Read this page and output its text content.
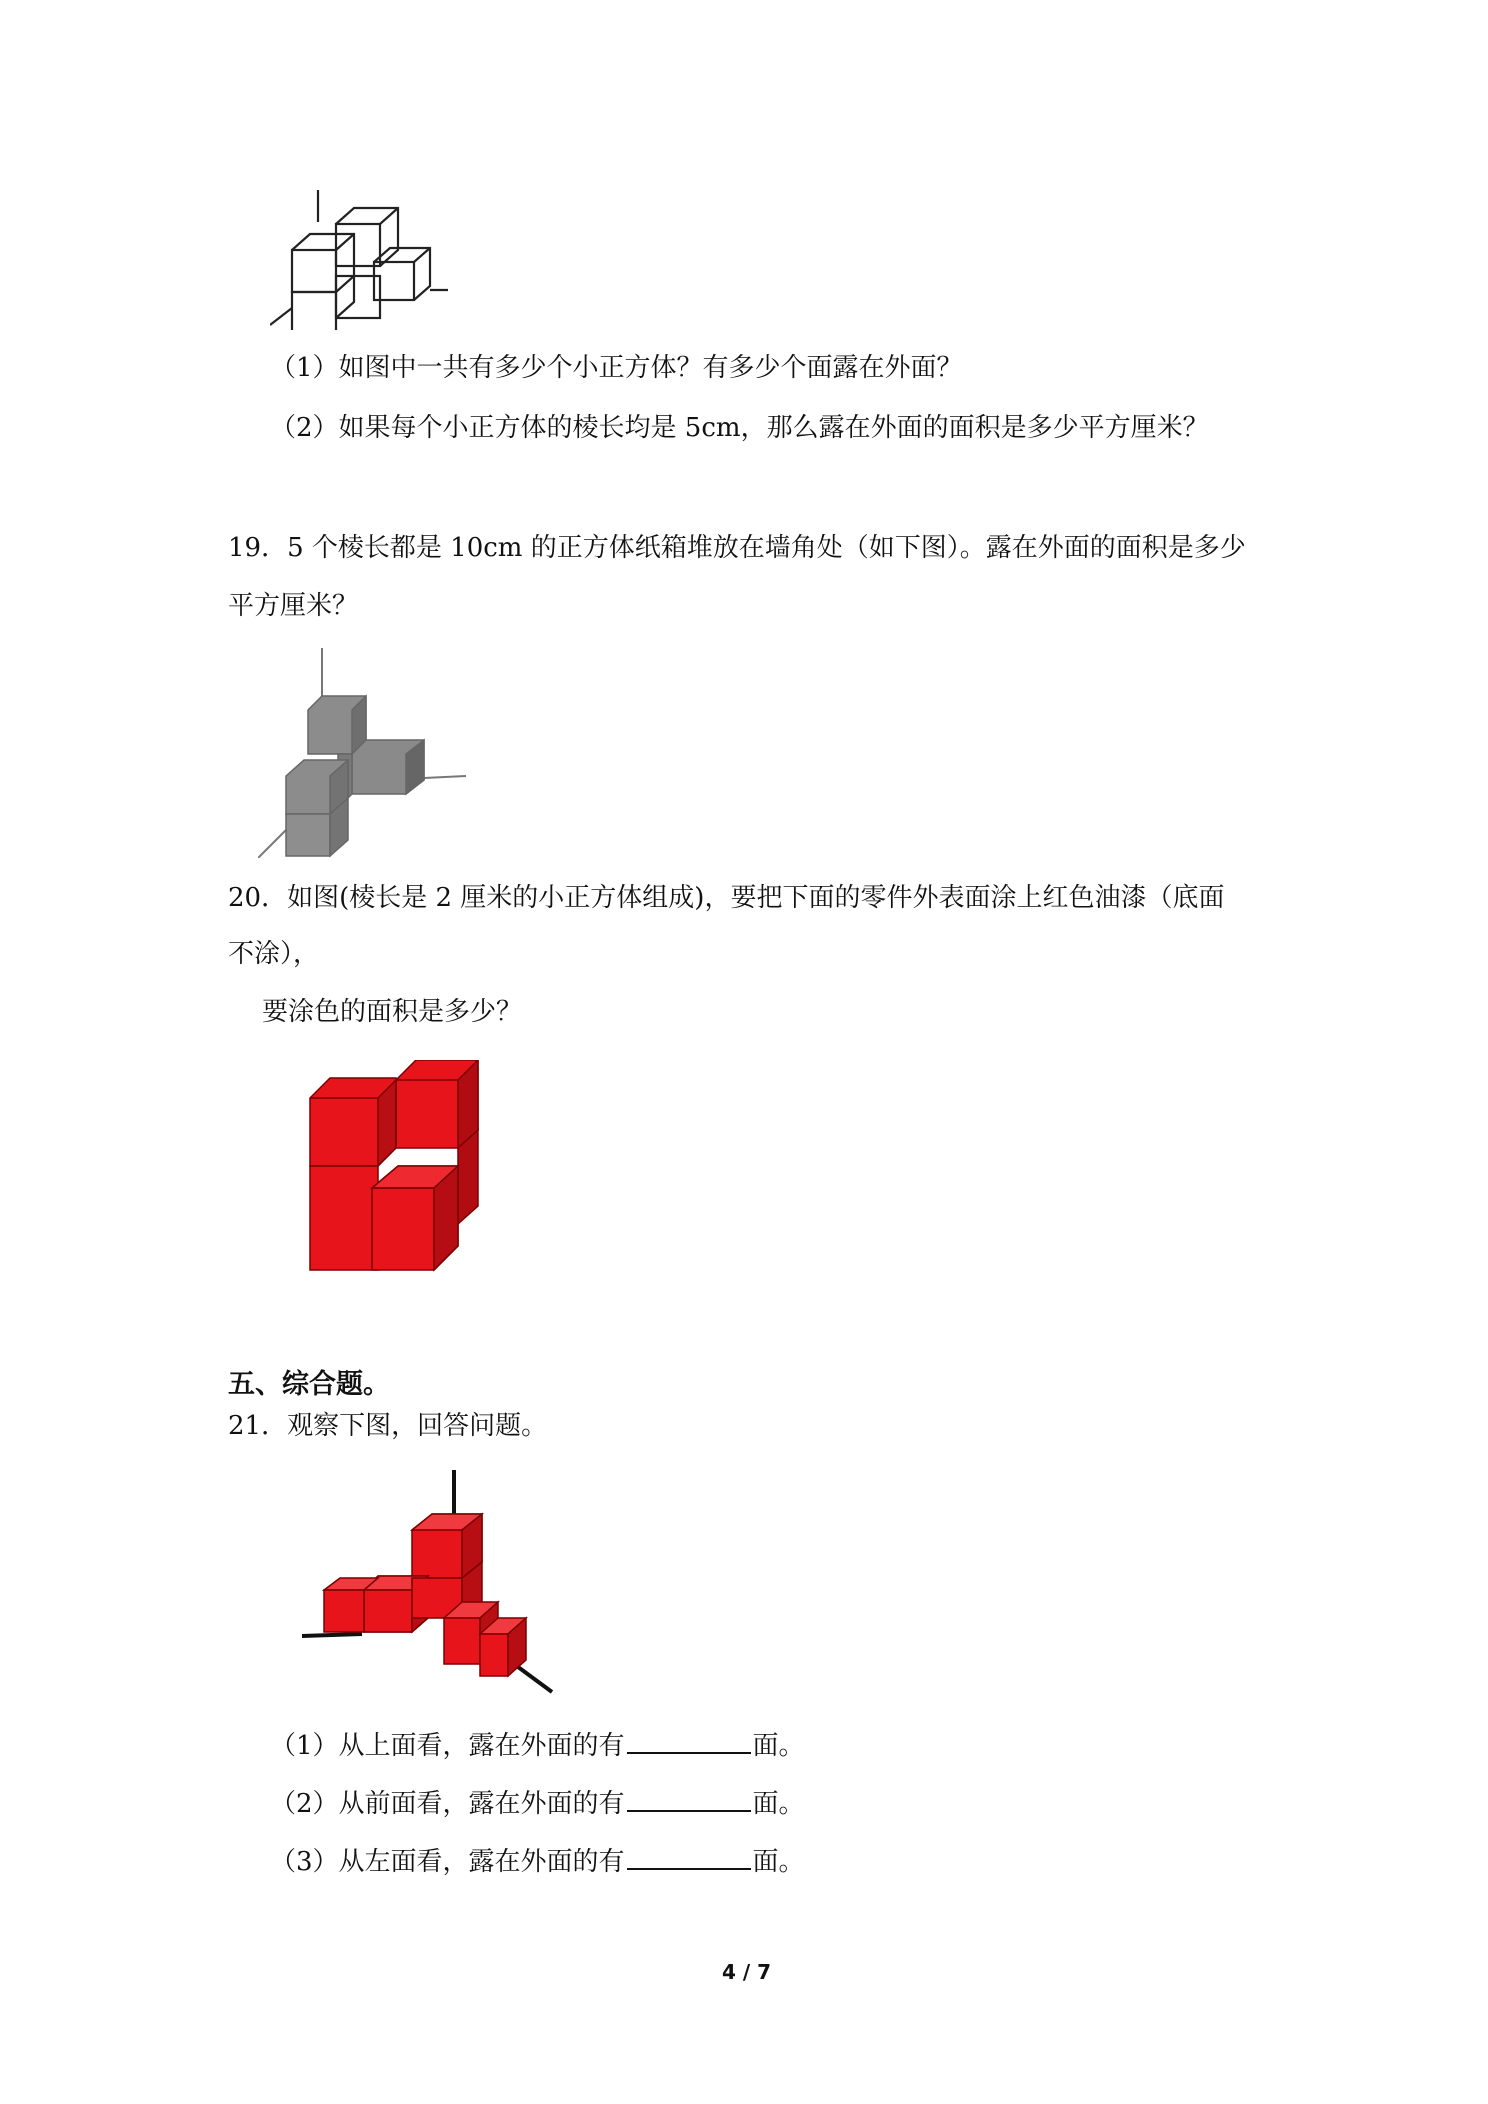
（1）如图中一共有多少个小正方体？有多少个面露在外面？
（2）如果每个小正方体的棱长均是 5cm，那么露在外面的面积是多少平方厘米？
19．5 个棱长都是 10cm 的正方体纸箱堆放在墙角处（如下图）。露在外面的面积是多少
平方厘米？
20．如图(棱长是 2 厘米的小正方体组成)，要把下面的零件外表面涂上红色油漆（底面
不涂），
要涂色的面积是多少？
五、综合题。
21．观察下图，回答问题。
（1）从上面看，露在外面的有	面。
（2）从前面看，露在外面的有	面。
（3）从左面看，露在外面的有	面。
4 / 7
